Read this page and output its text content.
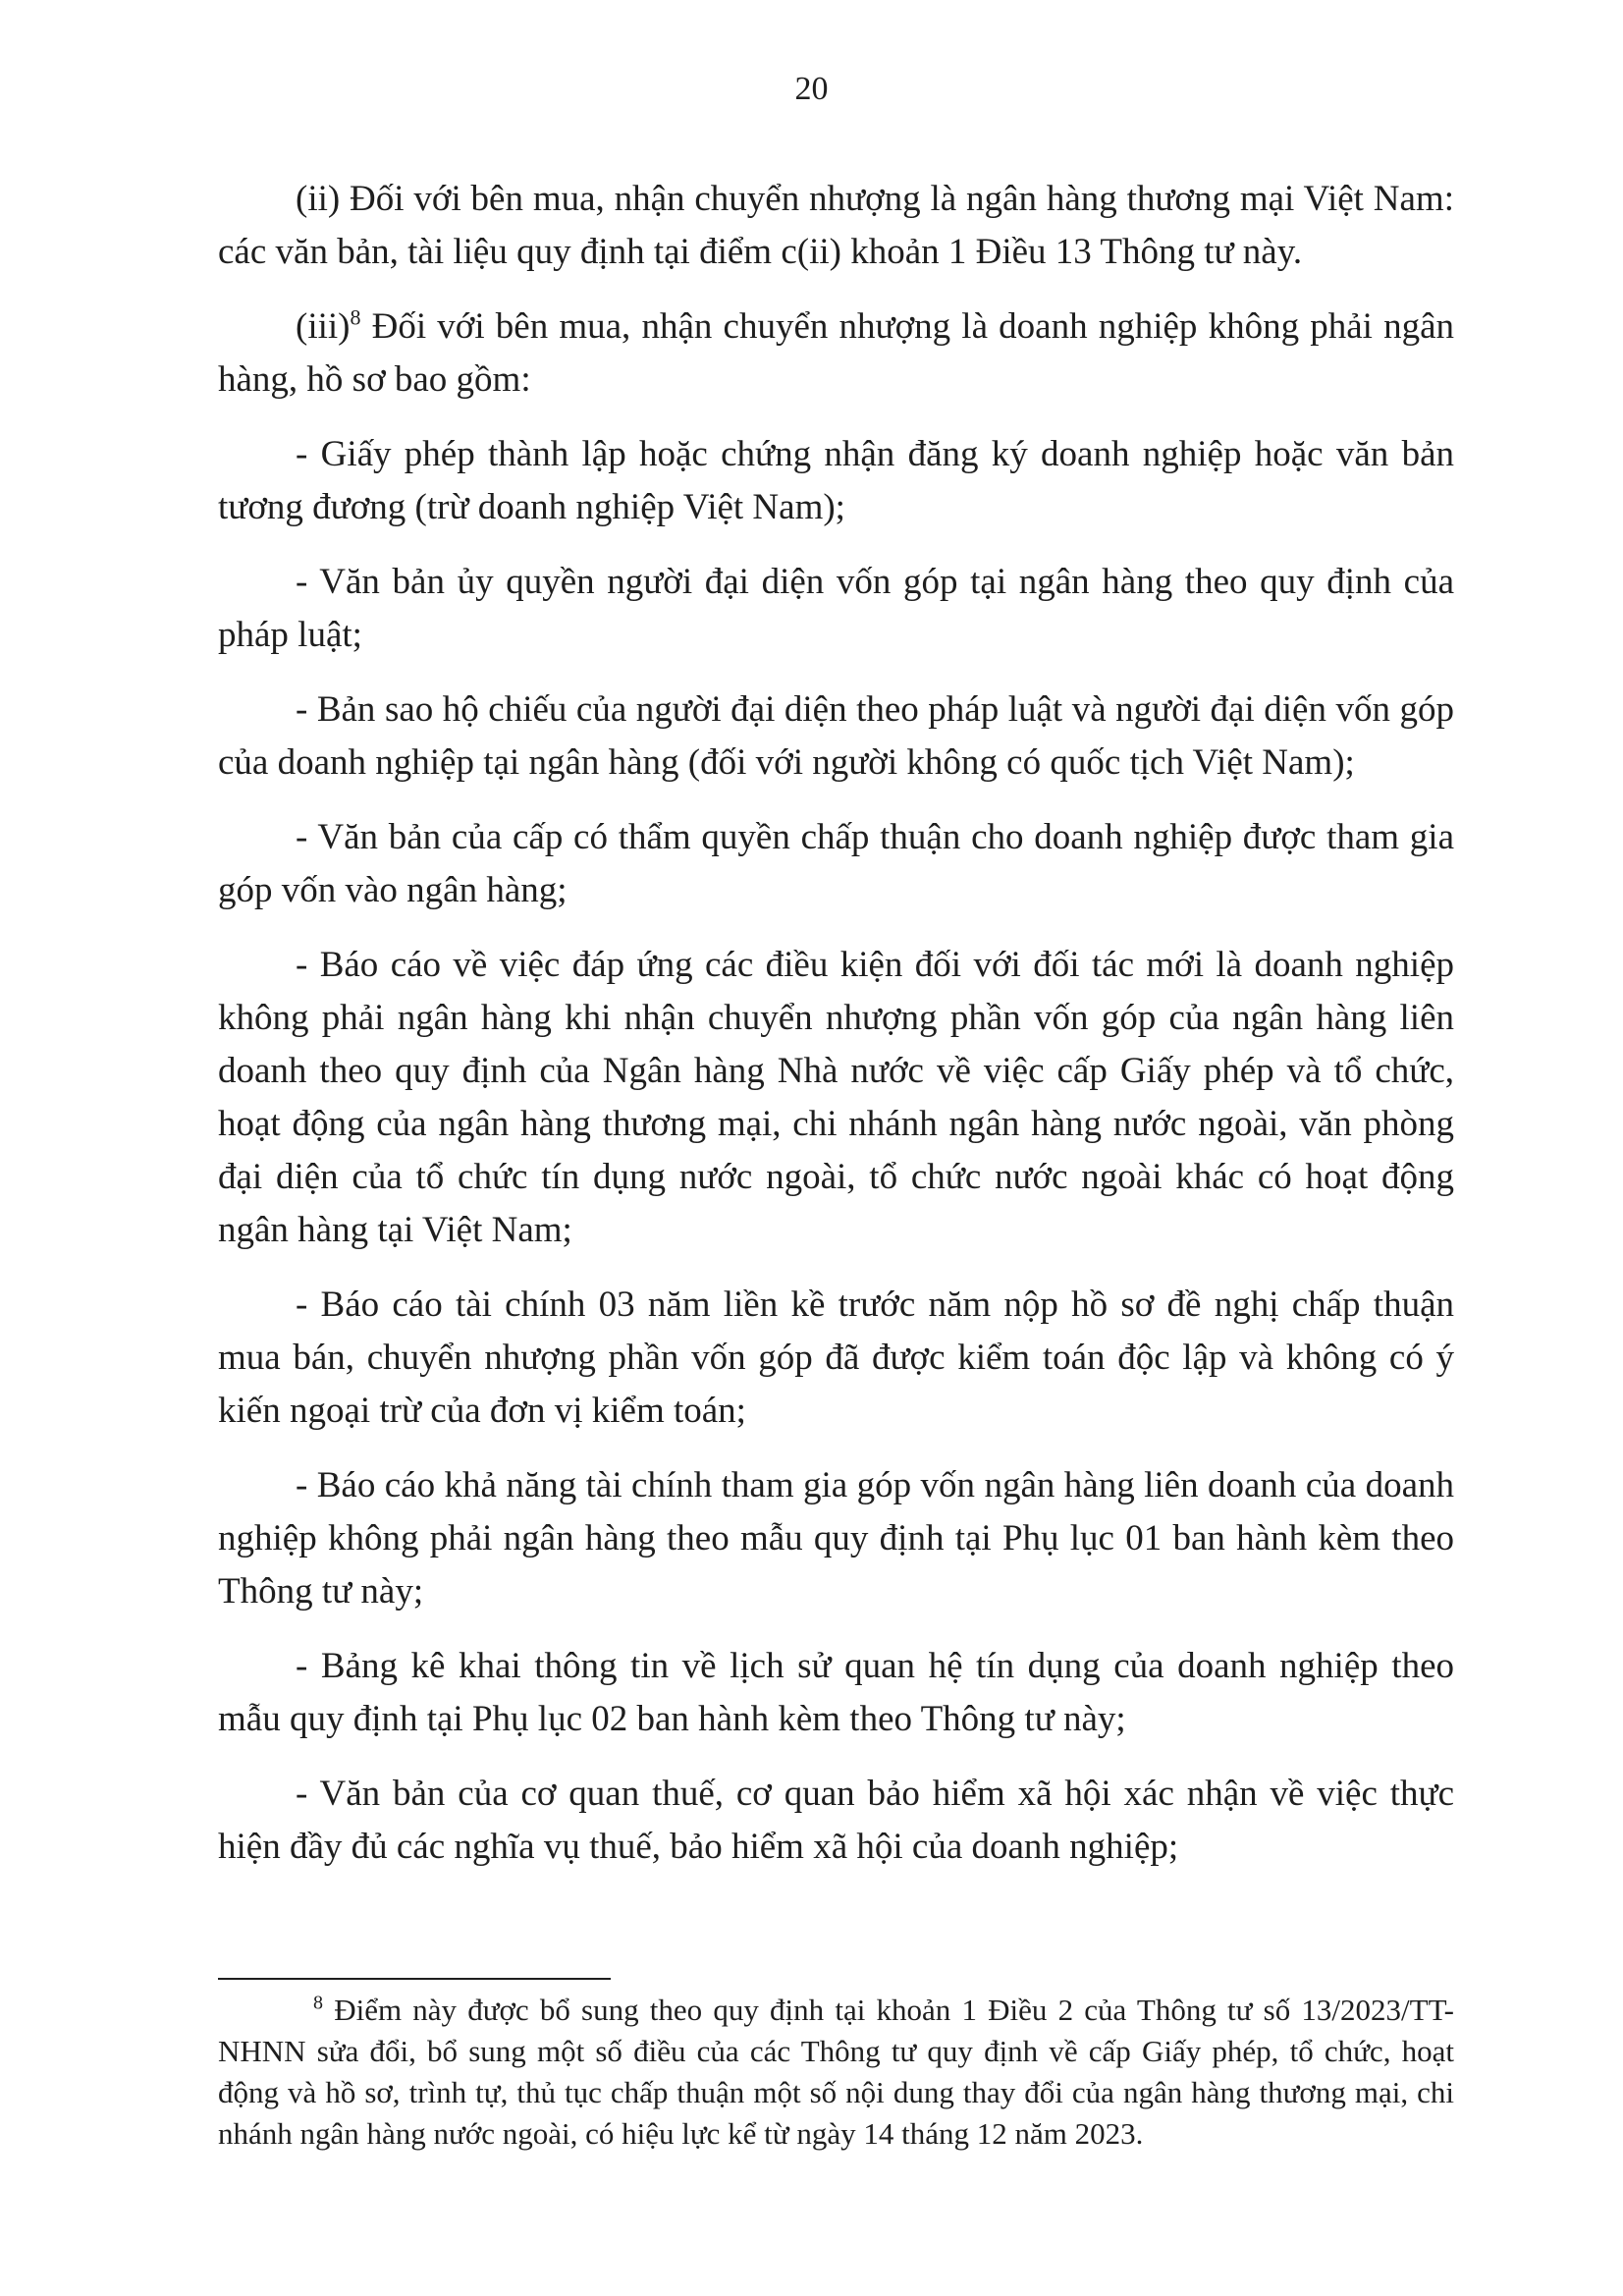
20

(ii) Đối với bên mua, nhận chuyển nhượng là ngân hàng thương mại Việt Nam: các văn bản, tài liệu quy định tại điểm c(ii) khoản 1 Điều 13 Thông tư này.

(iii)$^8$ Đối với bên mua, nhận chuyển nhượng là doanh nghiệp không phải ngân hàng, hồ sơ bao gồm:

- Giấy phép thành lập hoặc chứng nhận đăng ký doanh nghiệp hoặc văn bản tương đương (trừ doanh nghiệp Việt Nam);

- Văn bản ủy quyền người đại diện vốn góp tại ngân hàng theo quy định của pháp luật;

- Bản sao hộ chiếu của người đại diện theo pháp luật và người đại diện vốn góp của doanh nghiệp tại ngân hàng (đối với người không có quốc tịch Việt Nam);

- Văn bản của cấp có thẩm quyền chấp thuận cho doanh nghiệp được tham gia góp vốn vào ngân hàng;

- Báo cáo về việc đáp ứng các điều kiện đối với đối tác mới là doanh nghiệp không phải ngân hàng khi nhận chuyển nhượng phần vốn góp của ngân hàng liên doanh theo quy định của Ngân hàng Nhà nước về việc cấp Giấy phép và tổ chức, hoạt động của ngân hàng thương mại, chi nhánh ngân hàng nước ngoài, văn phòng đại diện của tổ chức tín dụng nước ngoài, tổ chức nước ngoài khác có hoạt động ngân hàng tại Việt Nam;

- Báo cáo tài chính 03 năm liền kề trước năm nộp hồ sơ đề nghị chấp thuận mua bán, chuyển nhượng phần vốn góp đã được kiểm toán độc lập và không có ý kiến ngoại trừ của đơn vị kiểm toán;

- Báo cáo khả năng tài chính tham gia góp vốn ngân hàng liên doanh của doanh nghiệp không phải ngân hàng theo mẫu quy định tại Phụ lục 01 ban hành kèm theo Thông tư này;

- Bảng kê khai thông tin về lịch sử quan hệ tín dụng của doanh nghiệp theo mẫu quy định tại Phụ lục 02 ban hành kèm theo Thông tư này;

- Văn bản của cơ quan thuế, cơ quan bảo hiểm xã hội xác nhận về việc thực hiện đầy đủ các nghĩa vụ thuế, bảo hiểm xã hội của doanh nghiệp;

$^8$ Điểm này được bổ sung theo quy định tại khoản 1 Điều 2 của Thông tư số 13/2023/TT-NHNN sửa đổi, bổ sung một số điều của các Thông tư quy định về cấp Giấy phép, tổ chức, hoạt động và hồ sơ, trình tự, thủ tục chấp thuận một số nội dung thay đổi của ngân hàng thương mại, chi nhánh ngân hàng nước ngoài, có hiệu lực kể từ ngày 14 tháng 12 năm 2023.
